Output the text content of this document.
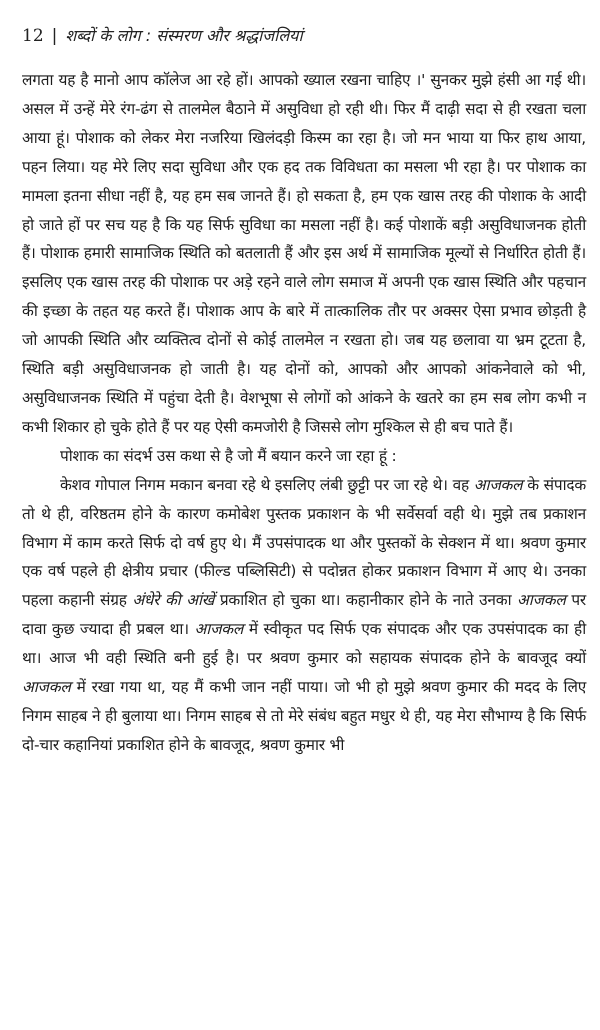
12 | शब्दों के लोग : संस्मरण और श्रद्धांजलियां

लगता यह है मानो आप कॉलेज आ रहे हों। आपको ख्याल रखना चाहिए ।' सुनकर मुझे हंसी आ गई थी। असल में उन्हें मेरे रंग-ढंग से तालमेल बैठाने में असुविधा हो रही थी। फिर मैं दाढ़ी सदा से ही रखता चला आया हूं। पोशाक को लेकर मेरा नजरिया खिलंदड़ी किस्म का रहा है। जो मन भाया या फिर हाथ आया, पहन लिया। यह मेरे लिए सदा सुविधा और एक हद तक विविधता का मसला भी रहा है। पर पोशाक का मामला इतना सीधा नहीं है, यह हम सब जानते हैं। हो सकता है, हम एक खास तरह की पोशाक के आदी हो जाते हों पर सच यह है कि यह सिर्फ सुविधा का मसला नहीं है। कई पोशाकें बड़ी असुविधाजनक होती हैं। पोशाक हमारी सामाजिक स्थिति को बतलाती हैं और इस अर्थ में सामाजिक मूल्यों से निर्धारित होती हैं। इसलिए एक खास तरह की पोशाक पर अड़े रहने वाले लोग समाज में अपनी एक खास स्थिति और पहचान की इच्छा के तहत यह करते हैं। पोशाक आप के बारे में तात्कालिक तौर पर अक्सर ऐसा प्रभाव छोड़ती है जो आपकी स्थिति और व्यक्तित्व दोनों से कोई तालमेल न रखता हो। जब यह छलावा या भ्रम टूटता है, स्थिति बड़ी असुविधाजनक हो जाती है। यह दोनों को, आपको और आपको आंकनेवाले को भी, असुविधाजनक स्थिति में पहुंचा देती है। वेशभूषा से लोगों को आंकने के खतरे का हम सब लोग कभी न कभी शिकार हो चुके होते हैं पर यह ऐसी कमजोरी है जिससे लोग मुश्किल से ही बच पाते हैं।

पोशाक का संदर्भ उस कथा से है जो मैं बयान करने जा रहा हूं :

केशव गोपाल निगम मकान बनवा रहे थे इसलिए लंबी छुट्टी पर जा रहे थे। वह आजकल के संपादक तो थे ही, वरिष्ठतम होने के कारण कमोबेश पुस्तक प्रकाशन के भी सर्वेसर्वा वही थे। मुझे तब प्रकाशन विभाग में काम करते सिर्फ दो वर्ष हुए थे। मैं उपसंपादक था और पुस्तकों के सेक्शन में था। श्रवण कुमार एक वर्ष पहले ही क्षेत्रीय प्रचार (फील्ड पब्लिसिटी) से पदोन्नत होकर प्रकाशन विभाग में आए थे। उनका पहला कहानी संग्रह अंधेरे की आंखें प्रकाशित हो चुका था। कहानीकार होने के नाते उनका आजकल पर दावा कुछ ज्यादा ही प्रबल था। आजकल में स्वीकृत पद सिर्फ एक संपादक और एक उपसंपादक का ही था। आज भी वही स्थिति बनी हुई है। पर श्रवण कुमार को सहायक संपादक होने के बावजूद क्यों आजकल में रखा गया था, यह मैं कभी जान नहीं पाया। जो भी हो मुझे श्रवण कुमार की मदद के लिए निगम साहब ने ही बुलाया था। निगम साहब से तो मेरे संबंध बहुत मधुर थे ही, यह मेरा सौभाग्य है कि सिर्फ दो-चार कहानियां प्रकाशित होने के बावजूद, श्रवण कुमार भी
